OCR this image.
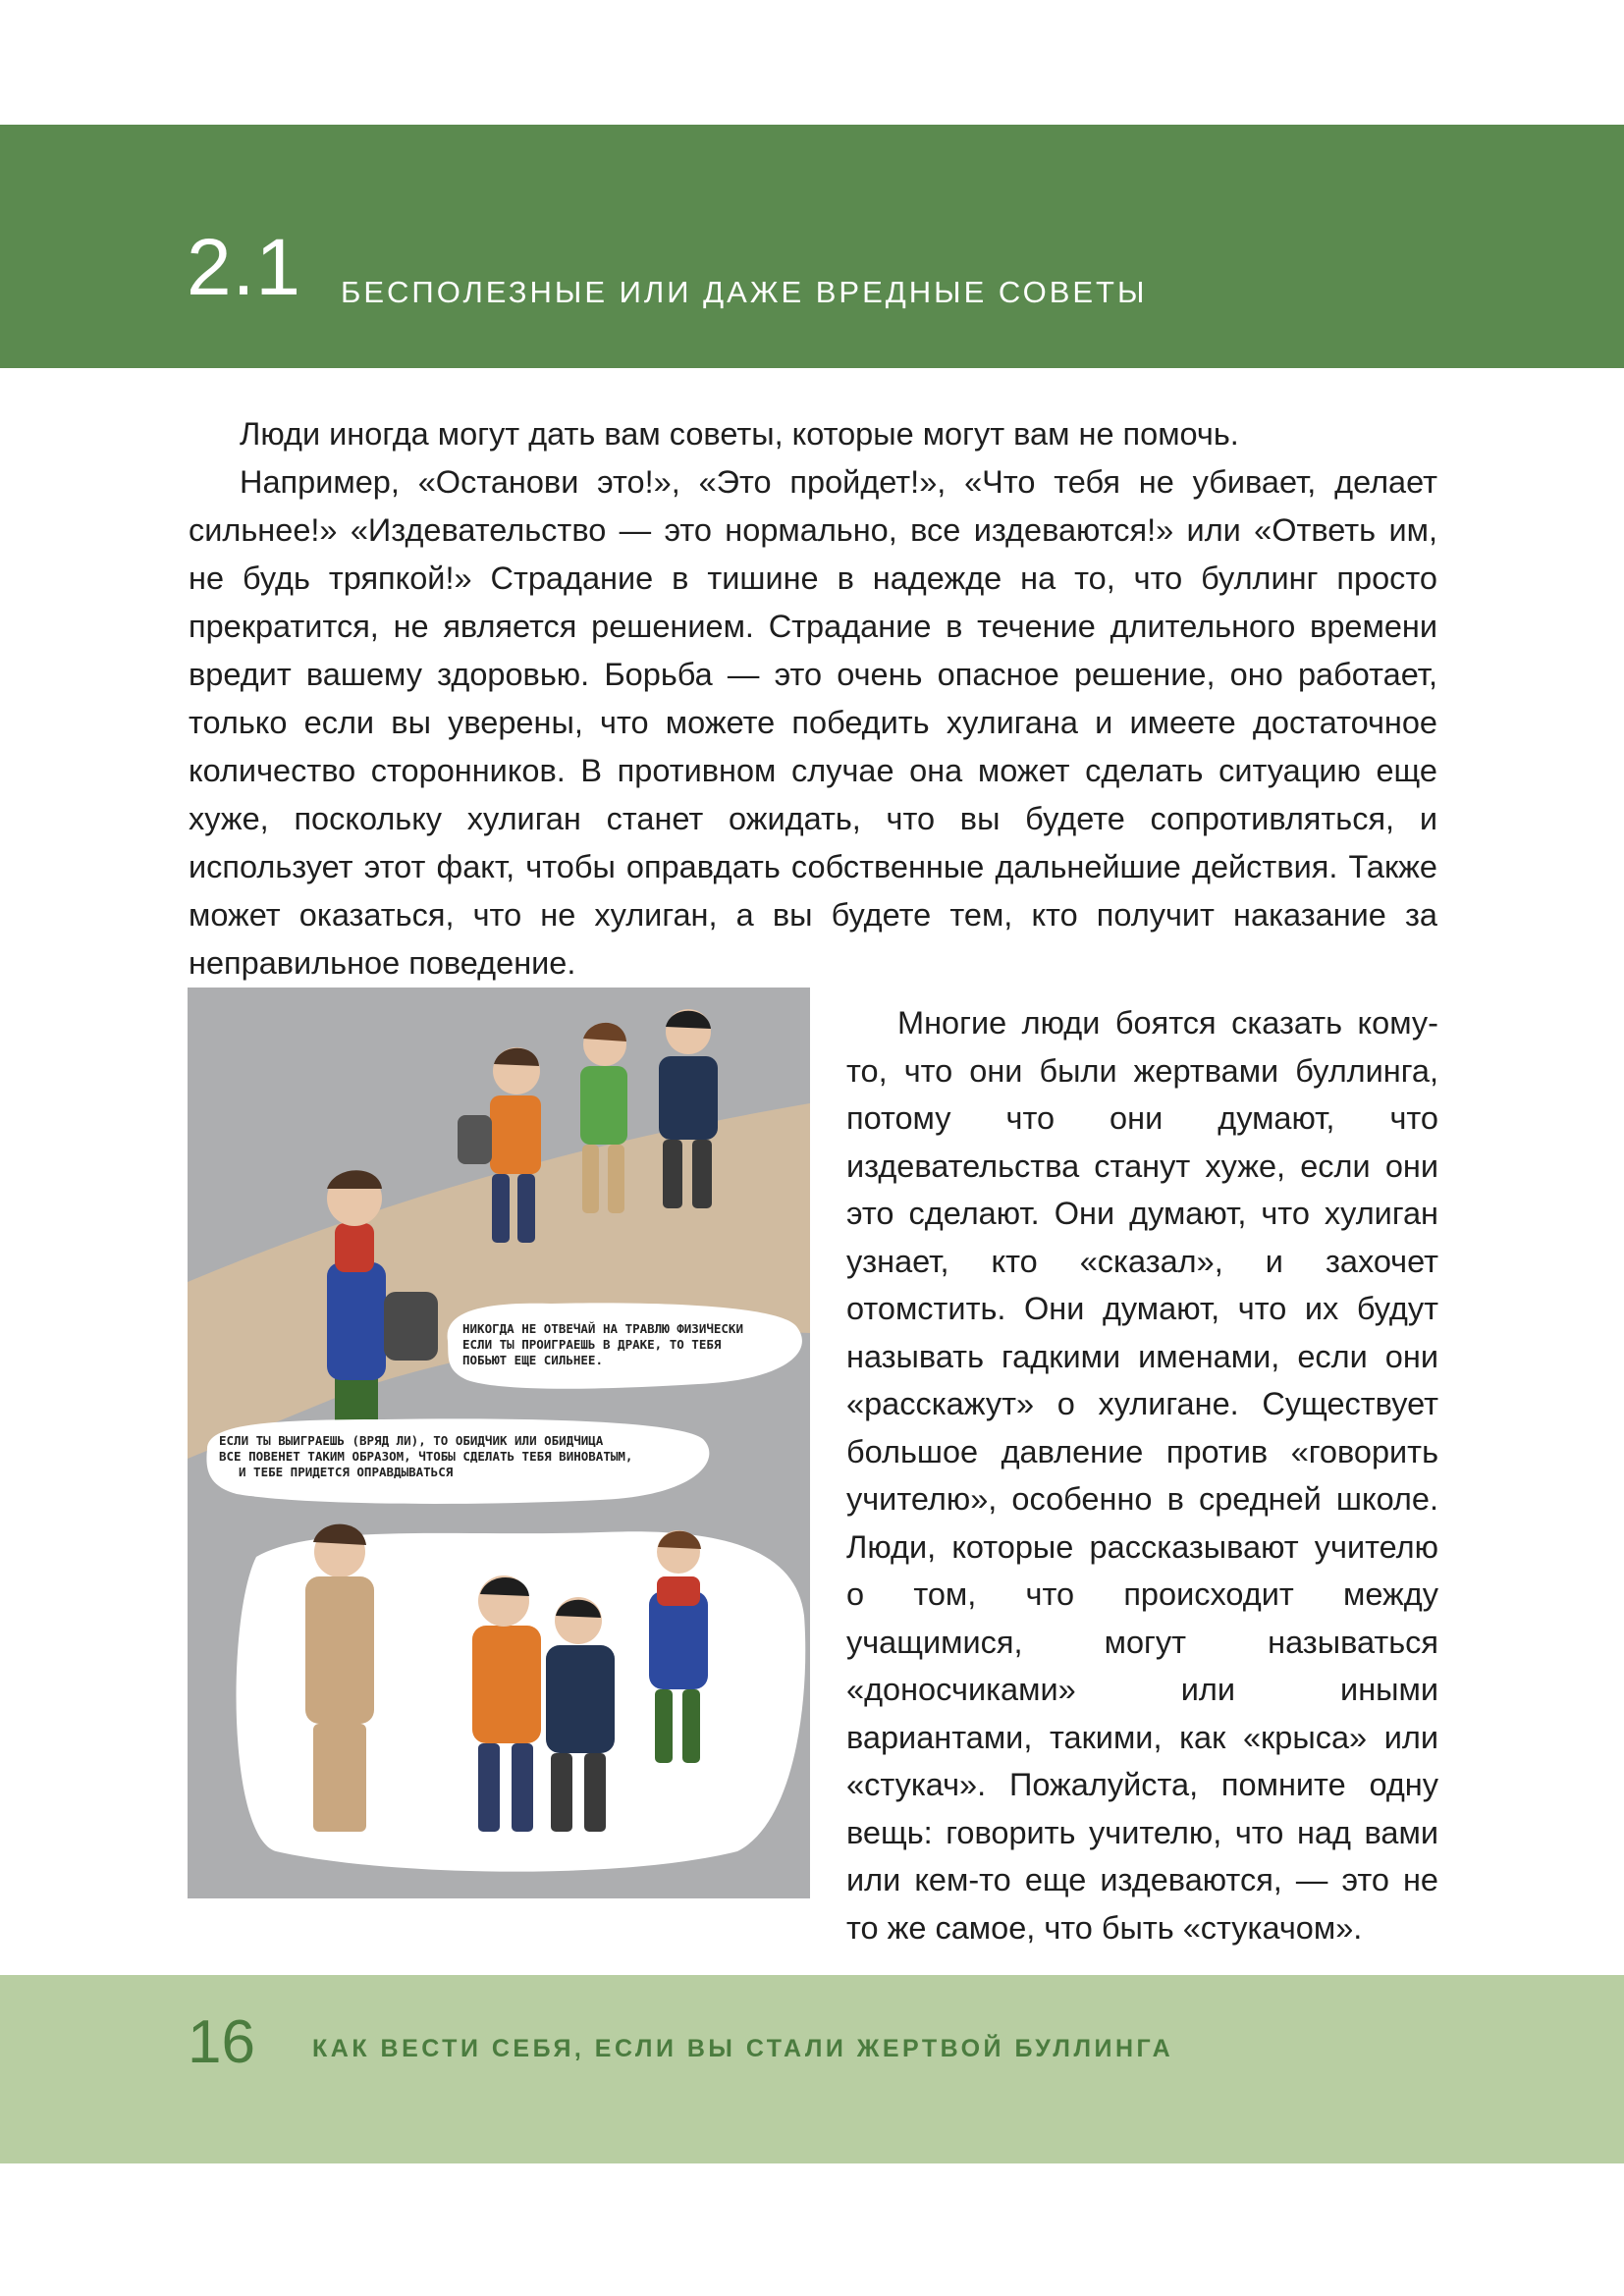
2.1 БЕСПОЛЕЗНЫЕ ИЛИ ДАЖЕ ВРЕДНЫЕ СОВЕТЫ

Люди иногда могут дать вам советы, которые могут вам не помочь.

Например, «Останови это!», «Это пройдет!», «Что тебя не убивает, делает сильнее!» «Издевательство — это нормально, все издеваются!» или «Ответь им, не будь тряпкой!» Страдание в тишине в надежде на то, что буллинг просто прекратится, не является решением. Страдание в течение длительного времени вредит вашему здоровью. Борьба — это очень опасное решение, оно работает, только если вы уверены, что можете победить хулигана и имеете достаточное количество сторонников. В противном случае она может сделать ситуацию еще хуже, поскольку хулиган станет ожидать, что вы будете сопротивляться, и использует этот факт, чтобы оправдать собственные дальнейшие действия. Также может оказаться, что не хулиган, а вы будете тем, кто получит наказание за неправильное поведение.

НИКОГДА НЕ ОТВЕЧАЙ НА ТРАВЛЮ ФИЗИЧЕСКИ
ЕСЛИ ТЫ ПРОИГРАЕШЬ В ДРАКЕ, ТО ТЕБЯ
ПОБЬЮТ ЕЩЕ СИЛЬНЕЕ.
ЕСЛИ ТЫ ВЫИГРАЕШЬ (ВРЯД ЛИ), ТО ОБИДЧИК ИЛИ ОБИДЧИЦА
ВСЕ ПОВЕНЕТ ТАКИМ ОБРАЗОМ, ЧТОБЫ СДЕЛАТЬ ТЕБЯ ВИНОВАТЫМ,
И ТЕБЕ ПРИДЕТСЯ ОПРАВДЫВАТЬСЯ

Многие люди боятся сказать кому-то, что они были жертвами буллинга, потому что они думают, что издевательства станут хуже, если они это сделают. Они думают, что хулиган узнает, кто «сказал», и захочет отомстить. Они думают, что их будут называть гадкими именами, если они «расскажут» о хулигане. Существует большое давление против «говорить учителю», особенно в средней школе. Люди, которые рассказывают учителю о том, что происходит между учащимися, могут называться «доносчиками» или иными вариантами, такими, как «крыса» или «стукач». Пожалуйста, помните одну вещь: говорить учителю, что над вами или кем-то еще издеваются, — это не то же самое, что быть «стукачом».

16 КАК ВЕСТИ СЕБЯ, ЕСЛИ ВЫ СТАЛИ ЖЕРТВОЙ БУЛЛИНГА
